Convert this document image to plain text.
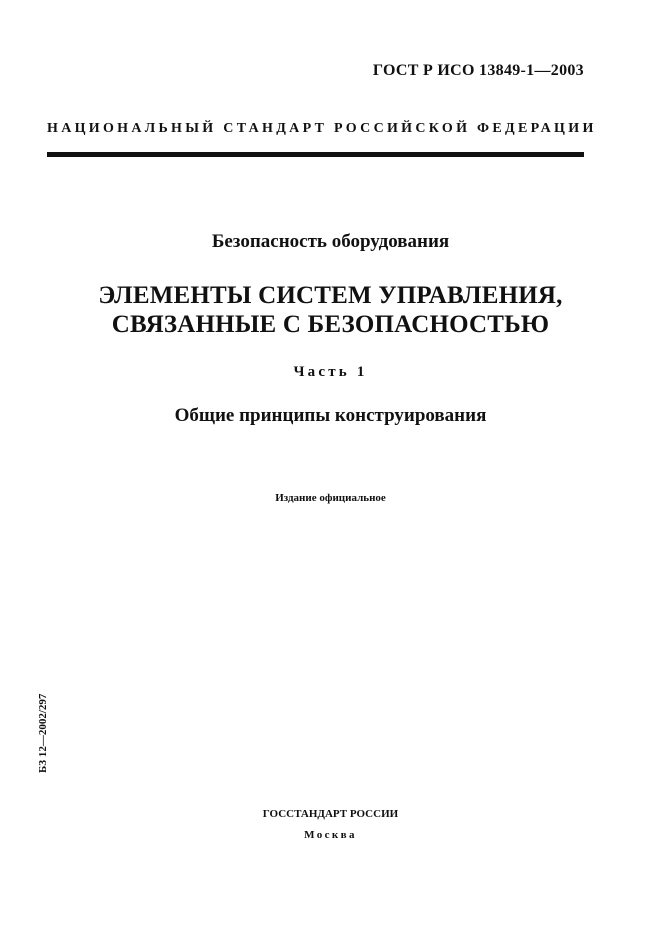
ГОСТ Р ИСО 13849-1—2003
НАЦИОНАЛЬНЫЙ СТАНДАРТ РОССИЙСКОЙ ФЕДЕРАЦИИ
Безопасность оборудования
ЭЛЕМЕНТЫ СИСТЕМ УПРАВЛЕНИЯ,
СВЯЗАННЫЕ С БЕЗОПАСНОСТЬЮ
Часть 1
Общие принципы конструирования
Издание официальное
БЗ 12—2002/297
ГОССТАНДАРТ РОССИИ
Москва
